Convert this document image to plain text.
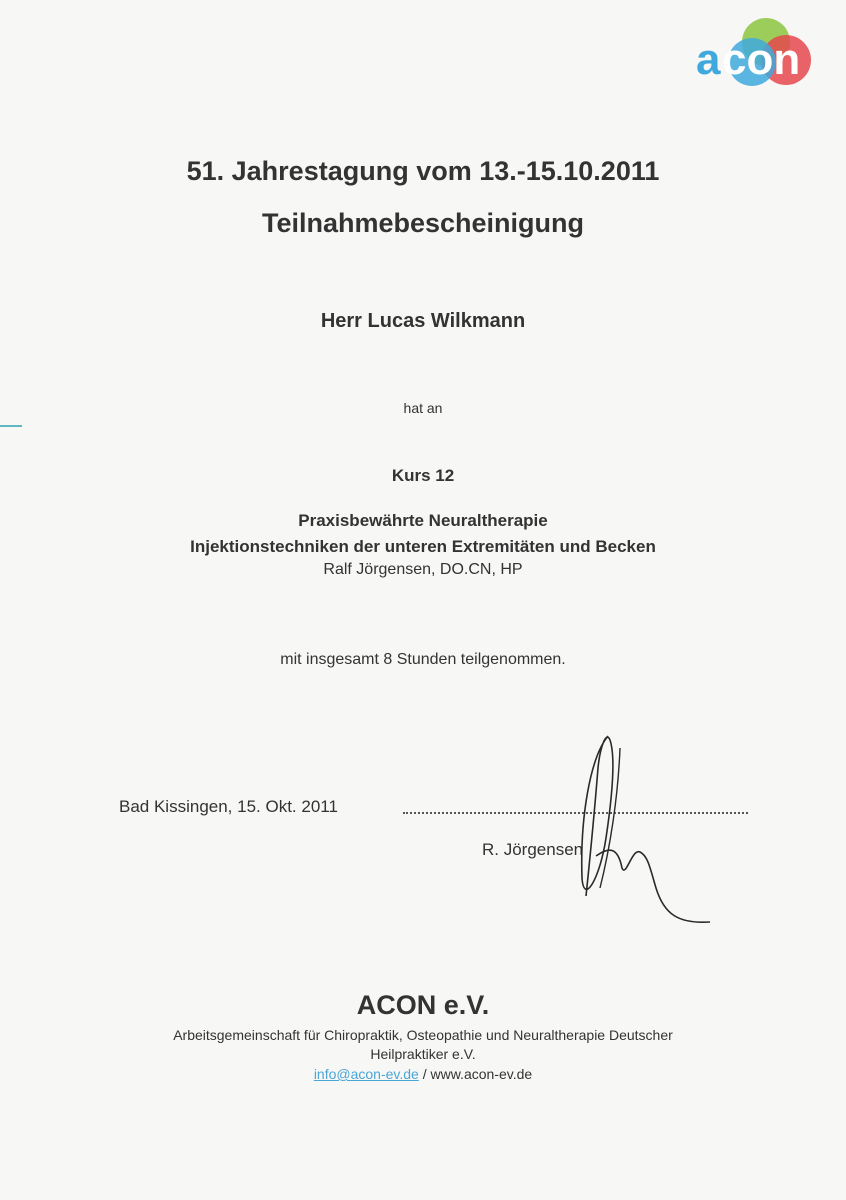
a con
51. Jahrestagung vom 13.-15.10.2011
Teilnahmebescheinigung
Herr Lucas Wilkmann
hat an
Kurs 12
Praxisbewährte Neuraltherapie
Injektionstechniken der unteren Extremitäten und Becken
Ralf Jörgensen, DO.CN, HP
mit insgesamt 8 Stunden teilgenommen.
Bad Kissingen, 15. Okt. 2011
R. Jörgensen
ACON e.V.
Arbeitsgemeinschaft für Chiropraktik, Osteopathie und Neuraltherapie Deutscher
Heilpraktiker e.V.
info@acon-ev.de / www.acon-ev.de
